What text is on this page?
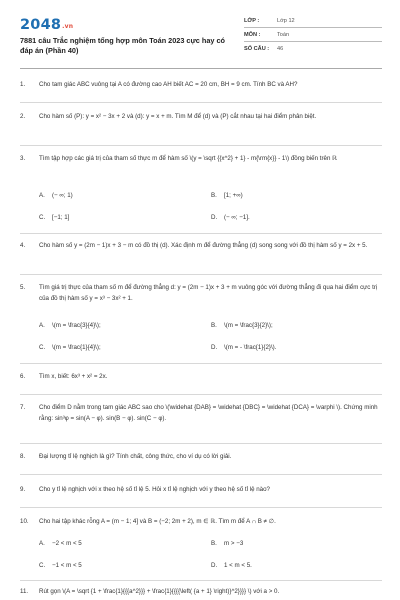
2048.vn
7881 câu Trắc nghiệm tổng hợp môn Toán 2023 cực hay có đáp án (Phần 40)
LỚP :	Lớp 12
MÔN :	Toán
SỐ CÂU :	46
1.	Cho tam giác ABC vuông tại A có đường cao AH biết AC = 20 cm, BH = 9 cm. Tính BC và AH?
2.	Cho hàm số (P): y = x² − 3x + 2 và (d): y = x + m. Tìm M để (d) và (P) cắt nhau tại hai điểm phân biệt.
3.	Tìm tập hợp các giá trị của tham số thực m để hàm số \(y = \sqrt {{x^2} + 1} - m{\rm{x}} - 1\) đồng biến trên ℝ
A. (− ∞; 1)	B. [1; +∞)
C. [−1; 1]	D. (− ∞; −1].
4.	Cho hàm số y = (2m − 1)x + 3 − m có đồ thị (d). Xác định m để đường thẳng (d) song song với đồ thị hàm số y = 2x + 5.
5.	Tìm giá trị thực của tham số m để đường thẳng d: y = (2m − 1)x + 3 + m vuông góc với đường thẳng đi qua hai điểm cực trị của đồ thị hàm số y = x³ − 3x² + 1.
A. \(m = \frac{3}{4}\);	B. \(m = \frac{3}{2}\);
C. \(m = \frac{1}{4}\);	D. \(m = - \frac{1}{2}\).
6.	Tìm x, biết: 6x³ + x² = 2x.
7.	Cho điểm D nằm trong tam giác ABC sao cho \(\widehat {DAB} = \widehat {DBC} = \widehat {DCA} = \varphi \). Chứng minh rằng: sin³φ = sin(A − φ). sin(B − φ). sin(C − φ).
8.	Đại lượng tỉ lệ nghịch là gì? Tính chất, công thức, cho ví dụ có lời giải.
9.	Cho y tỉ lệ nghịch với x theo hệ số tỉ lệ 5. Hỏi x tỉ lệ nghịch với y theo hệ số tỉ lệ nào?
10.	Cho hai tập khác rỗng A = (m − 1; 4] và B = (−2; 2m + 2), m ∈ ℝ. Tìm m để A ∩ B ≠ ∅.
A. −2 < m < 5	B. m > −3
C. −1 < m < 5	D. 1 < m < 5.
11.	Rút gọn \(A = \sqrt {1 + \frac{1}{{{a^2}}} + \frac{1}{{{{\left( {a + 1} \right)}^2}}}} \) với a > 0.
